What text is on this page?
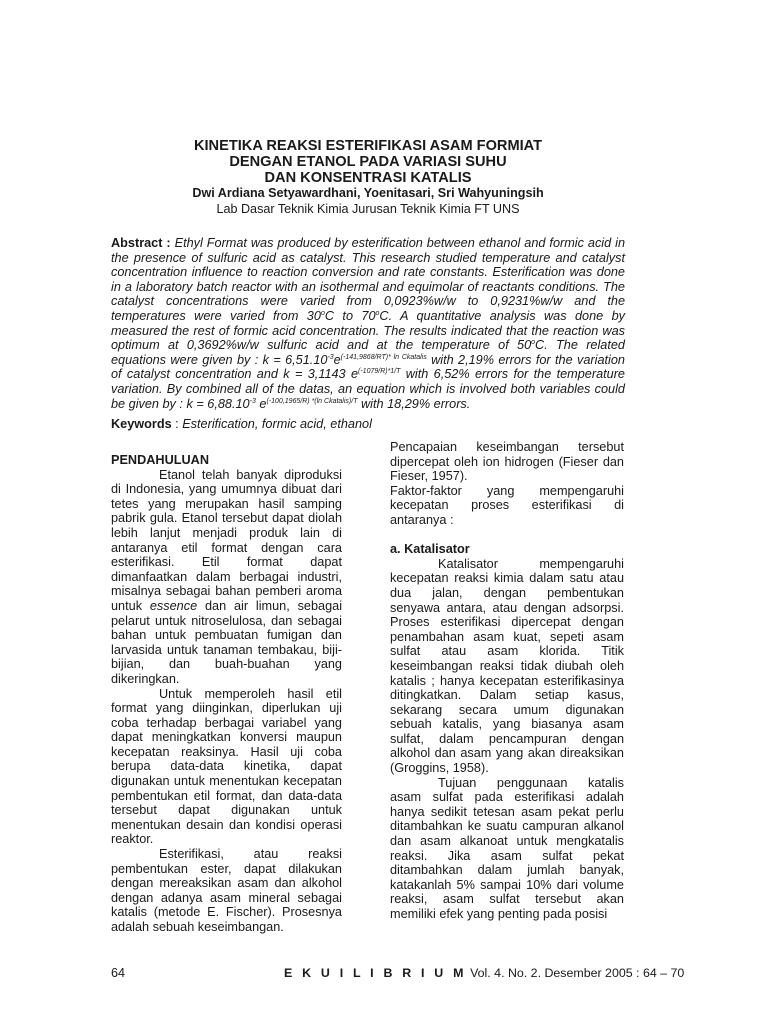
KINETIKA REAKSI ESTERIFIKASI ASAM FORMIAT
DENGAN ETANOL PADA VARIASI SUHU
DAN KONSENTRASI KATALIS
Dwi Ardiana Setyawardhani, Yoenitasari, Sri Wahyuningsih
Lab Dasar Teknik Kimia Jurusan Teknik Kimia FT UNS
Abstract : Ethyl Format was produced by esterification between ethanol and formic acid in the presence of sulfuric acid as catalyst. This research studied temperature and catalyst concentration influence to reaction conversion and rate constants. Esterification was done in a laboratory batch reactor with an isothermal and equimolar of reactants conditions. The catalyst concentrations were varied from 0,0923%w/w to 0,9231%w/w and the temperatures were varied from 30$^o$C to 70$^o$C. A quantitative analysis was done by measured the rest of formic acid concentration. The results indicated that the reaction was optimum at 0,3692%w/w sulfuric acid and at the temperature of 50$^o$C. The related equations were given by : $k = 6,51.10^{-3}e^{(-141,9868/RT)* ln Ckatalis}$ with 2,19% errors for the variation of catalyst concentration and k = 3,1143 $e^{(-1079/R)*1/T}$ with 6,52% errors for the temperature variation. By combined all of the datas, an equation which is involved both variables could be given by : $k = 6,88.10^{-3}$ $e^{(-100,1965/R) *(ln Ckatalis)/T}$ with 18,29% errors.
Keywords : Esterification, formic acid, ethanol

PENDAHULUAN

Etanol telah banyak diproduksi di Indonesia, yang umumnya dibuat dari tetes yang merupakan hasil samping pabrik gula. Etanol tersebut dapat diolah lebih lanjut menjadi produk lain di antaranya etil format dengan cara esterifikasi. Etil format dapat dimanfaatkan dalam berbagai industri, misalnya sebagai bahan pemberi aroma untuk essence dan air limun, sebagai pelarut untuk nitroselulosa, dan sebagai bahan untuk pembuatan fumigan dan larvasida untuk tanaman tembakau, biji-bijian, dan buah-buahan yang dikeringkan.

Untuk memperoleh hasil etil format yang diinginkan, diperlukan uji coba terhadap berbagai variabel yang dapat meningkatkan konversi maupun kecepatan reaksinya. Hasil uji coba berupa data-data kinetika, dapat digunakan untuk menentukan kecepatan pembentukan etil format, dan data-data tersebut dapat digunakan untuk menentukan desain dan kondisi operasi reaktor.

Esterifikasi, atau reaksi pembentukan ester, dapat dilakukan dengan mereaksikan asam dan alkohol dengan adanya asam mineral sebagai katalis (metode E. Fischer). Prosesnya adalah sebuah keseimbangan.

Pencapaian keseimbangan tersebut dipercepat oleh ion hidrogen (Fieser dan Fieser, 1957).

Faktor-faktor yang mempengaruhi kecepatan proses esterifikasi di antaranya :

a. Katalisator

Katalisator mempengaruhi kecepatan reaksi kimia dalam satu atau dua jalan, dengan pembentukan senyawa antara, atau dengan adsorpsi. Proses esterifikasi dipercepat dengan penambahan asam kuat, sepeti asam sulfat atau asam klorida. Titik keseimbangan reaksi tidak diubah oleh katalis ; hanya kecepatan esterifikasinya ditingkatkan. Dalam setiap kasus, sekarang secara umum digunakan sebuah katalis, yang biasanya asam sulfat, dalam pencampuran dengan alkohol dan asam yang akan direaksikan (Groggins, 1958).

Tujuan penggunaan katalis asam sulfat pada esterifikasi adalah hanya sedikit tetesan asam pekat perlu ditambahkan ke suatu campuran alkanol dan asam alkanoat untuk mengkatalis reaksi. Jika asam sulfat pekat ditambahkan dalam jumlah banyak, katakanlah 5% sampai 10% dari volume reaksi, asam sulfat tersebut akan memiliki efek yang penting pada posisi

64	E K U I L I B R I U M Vol. 4. No. 2. Desember 2005 : 64 – 70
